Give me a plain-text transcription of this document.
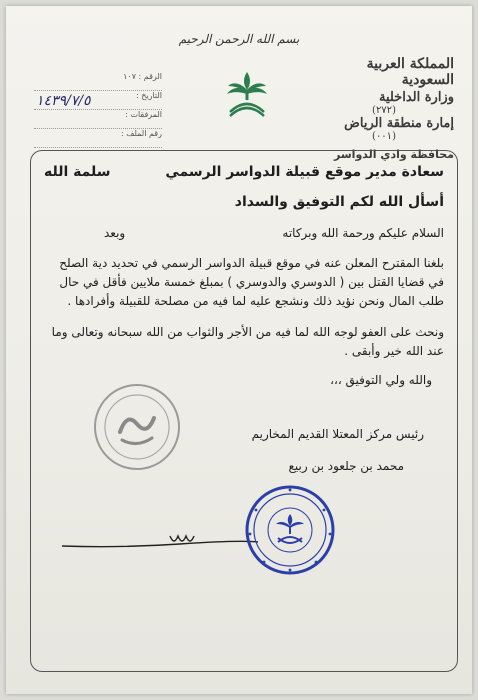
بسم الله الرحمن الرحيم
المملكة العربية السعودية
وزارة الداخلية
(٢٧٢)
إمارة منطقة الرياض
(٠٠١)
محافظة وادي الدواسر
الرقم : ١٠٧
التاريخ :
١٤٣٩/٧/٥
المرفقات :
رقم الملف :
سعادة مدير موقع قبيلة الدواسر الرسمي
سلمة الله
أسأل الله لكم التوفيق والسداد
السلام عليكم ورحمة الله وبركاته
وبعد
بلغنا المقترح المعلن عنه في موقع قبيلة الدواسر الرسمي في تحديد دية الصلح في قضايا القتل بين ( الدوسري والدوسري ) بمبلغ خمسة ملايين فأقل في حال طلب المال ونحن نؤيد ذلك ونشجع عليه لما فيه من مصلحة للقبيلة وأفرادها .
ونحث على العفو لوجه الله لما فيه من الأجر والثواب من الله سبحانه وتعالى وما عند الله خير وأبقى .
والله ولي التوفيق ،،،
رئيس مركز المعتلا القديم المخاريم
محمد بن جلعود بن ربيع
